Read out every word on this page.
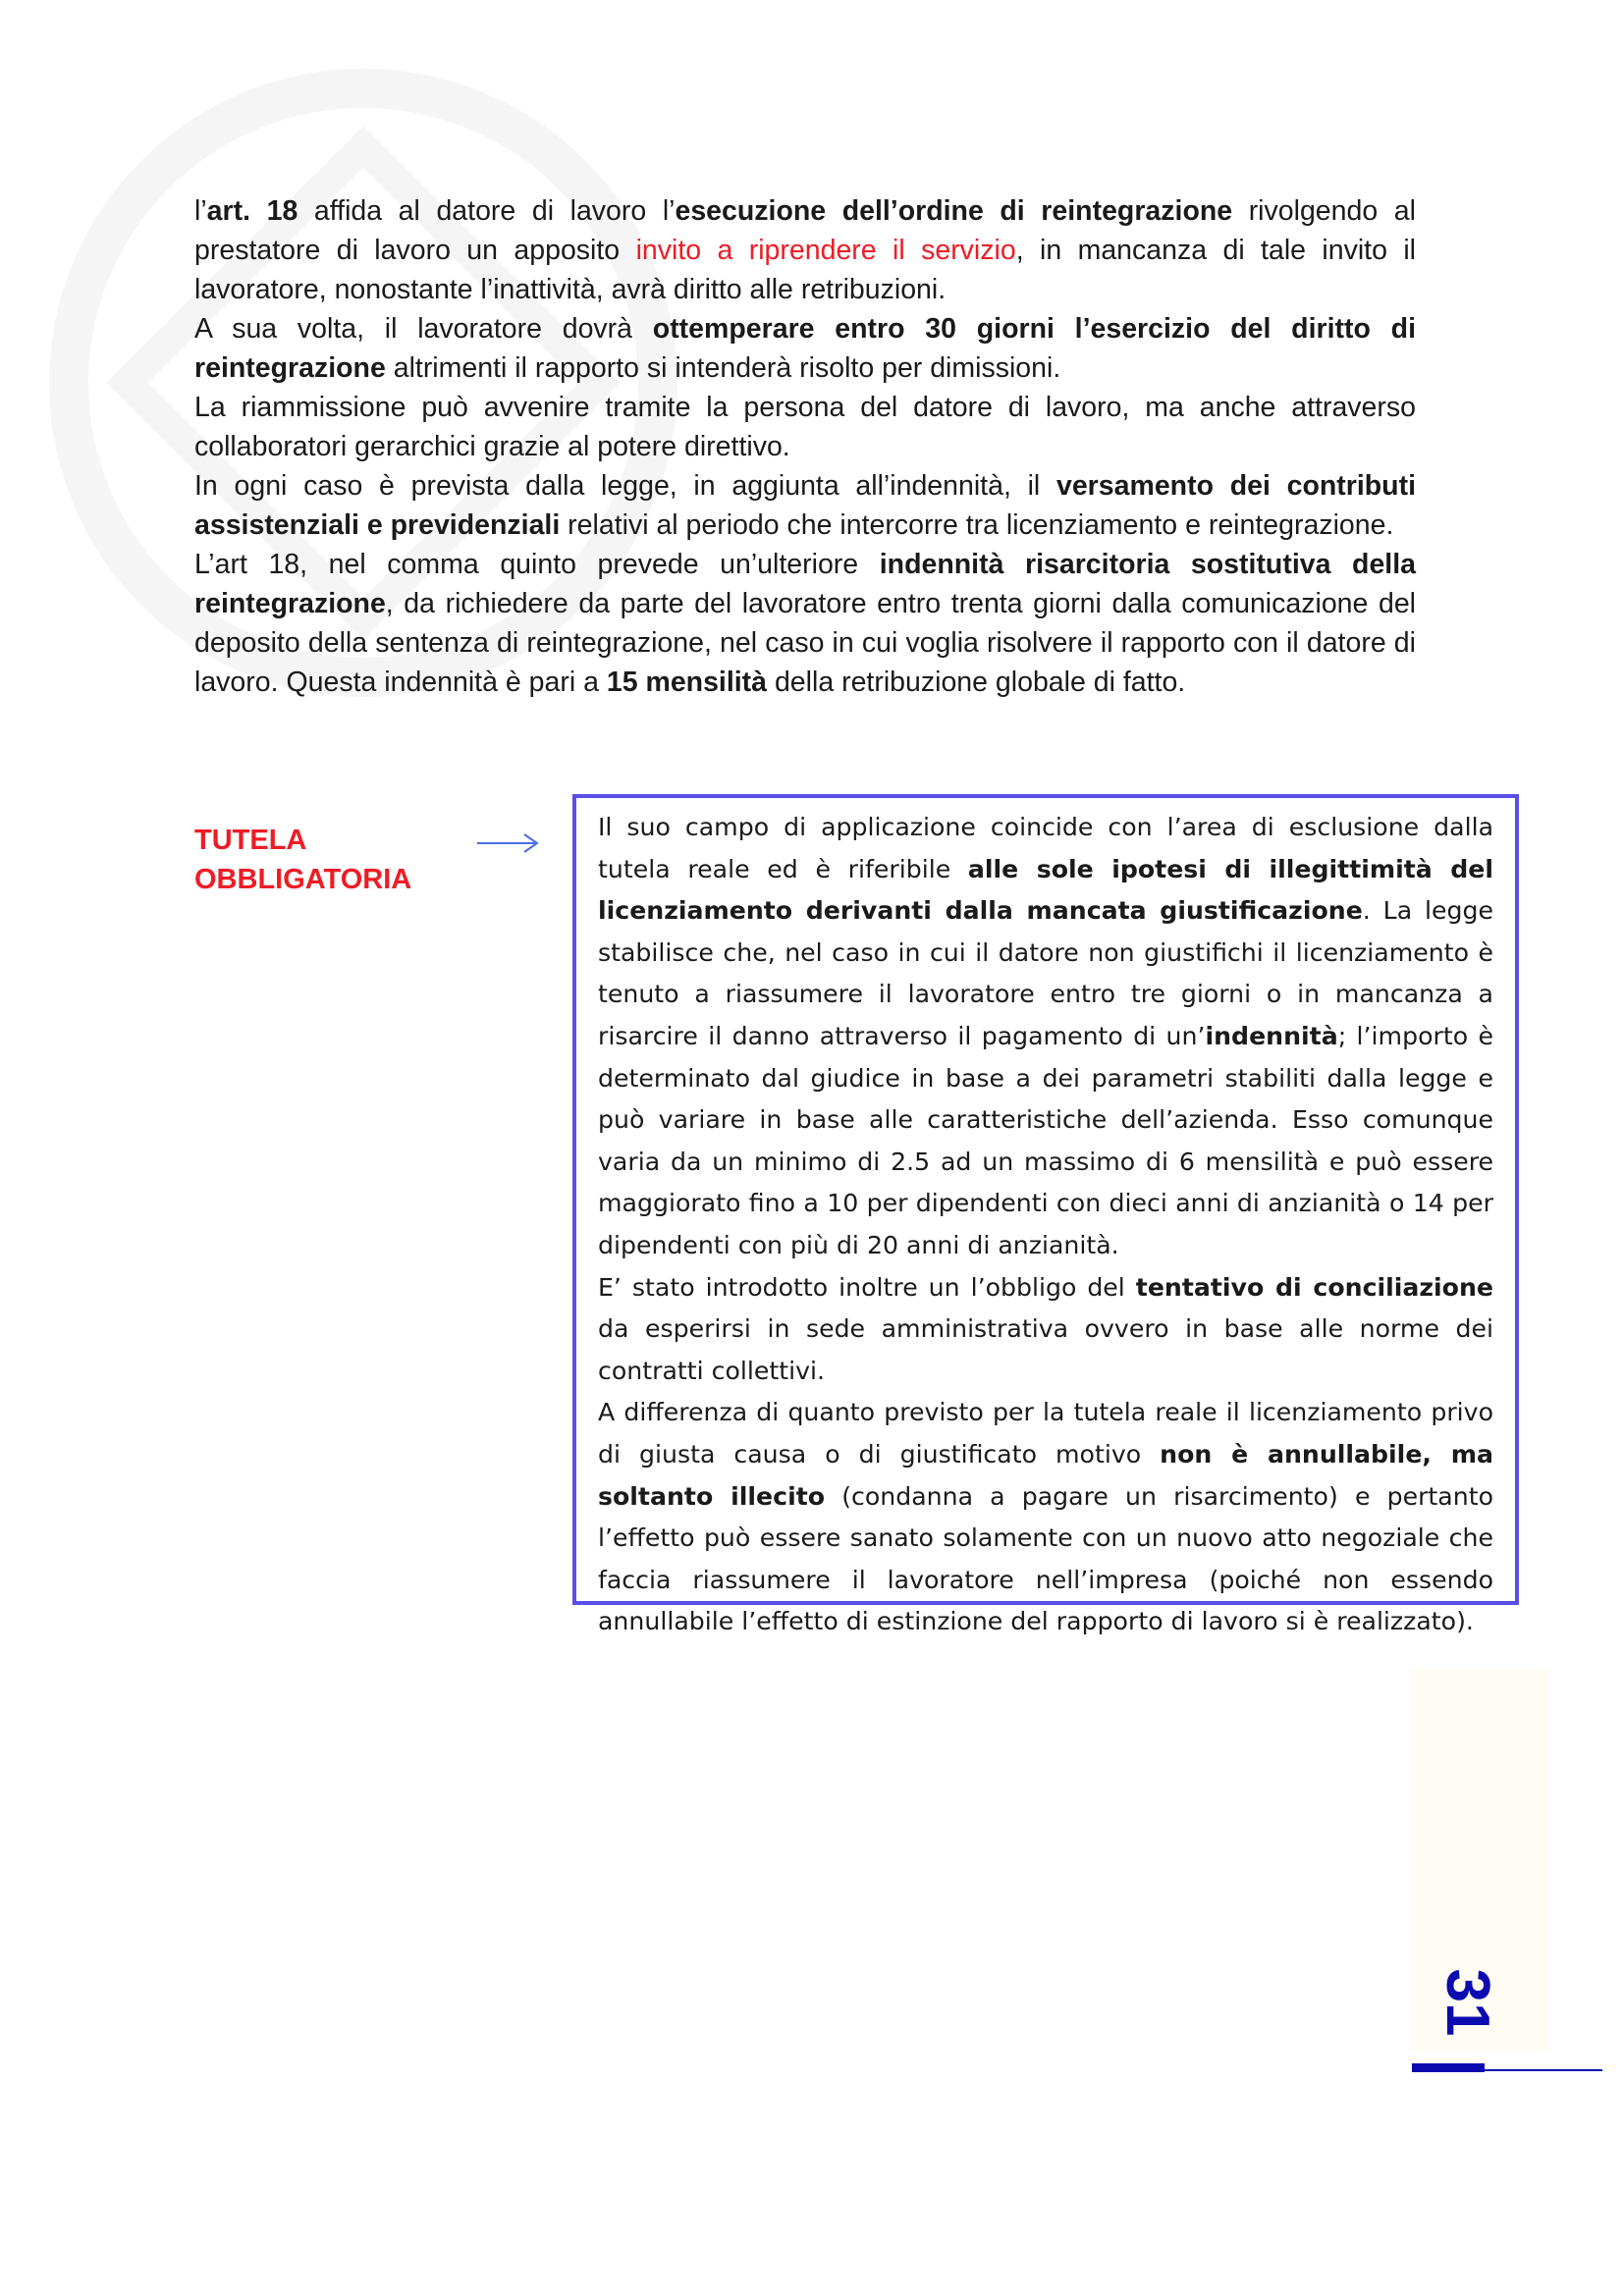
l’art. 18 affida al datore di lavoro l’esecuzione dell’ordine di reintegrazione rivolgendo al prestatore di lavoro un apposito invito a riprendere il servizio, in mancanza di tale invito il lavoratore, nonostante l’inattività, avrà diritto alle retribuzioni.

A sua volta, il lavoratore dovrà ottemperare entro 30 giorni l’esercizio del diritto di reintegrazione altrimenti il rapporto si intenderà risolto per dimissioni.

La riammissione può avvenire tramite la persona del datore di lavoro, ma anche attraverso collaboratori gerarchici grazie al potere direttivo.

In ogni caso è prevista dalla legge, in aggiunta all’indennità, il versamento dei contributi assistenziali e previdenziali relativi al periodo che intercorre tra licenziamento e reintegrazione.

L’art 18, nel comma quinto prevede un’ulteriore indennità risarcitoria sostitutiva della reintegrazione, da richiedere da parte del lavoratore entro trenta giorni dalla comunicazione del deposito della sentenza di reintegrazione, nel caso in cui voglia risolvere il rapporto con il datore di lavoro. Questa indennità è pari a 15 mensilità della retribuzione globale di fatto.

TUTELA
OBBLIGATORIA

Il suo campo di applicazione coincide con l’area di esclusione dalla tutela reale ed è riferibile alle sole ipotesi di illegittimità del licenziamento derivanti dalla mancata giustificazione. La legge stabilisce che, nel caso in cui il datore non giustifichi il licenziamento è tenuto a riassumere il lavoratore entro tre giorni o in mancanza a risarcire il danno attraverso il pagamento di un’indennità; l’importo è determinato dal giudice in base a dei parametri stabiliti dalla legge e può variare in base alle caratteristiche dell’azienda. Esso comunque varia da un minimo di 2.5 ad un massimo di 6 mensilità e può essere maggiorato fino a 10 per dipendenti con dieci anni di anzianità o 14 per dipendenti con più di 20 anni di anzianità.

E’ stato introdotto inoltre un l’obbligo del tentativo di conciliazione da esperirsi in sede amministrativa ovvero in base alle norme dei contratti collettivi.

A differenza di quanto previsto per la tutela reale il licenziamento privo di giusta causa o di giustificato motivo non è annullabile, ma soltanto illecito (condanna a pagare un risarcimento) e pertanto l’effetto può essere sanato solamente con un nuovo atto negoziale che faccia riassumere il lavoratore nell’impresa (poiché non essendo annullabile l’effetto di estinzione del rapporto di lavoro si è realizzato).

31
